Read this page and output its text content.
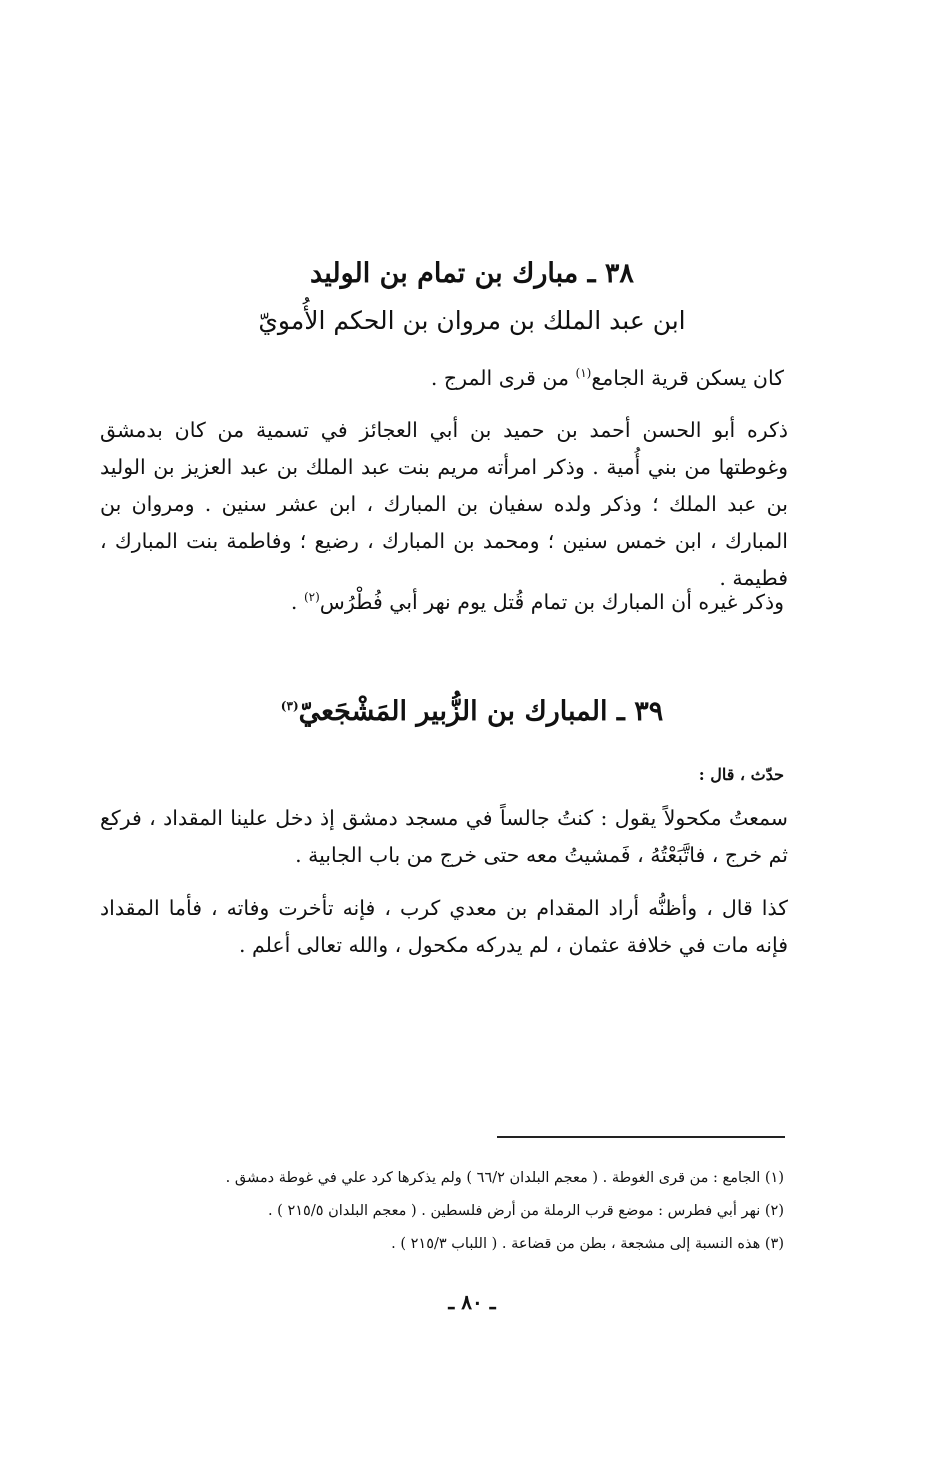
٣٨ ـ مبارك بن تمام بن الوليد
ابن عبد الملك بن مروان بن الحكم الأُمويّ
كان يسكن قرية الجامع$^{(١)}$ من قرى المرج .
ذكره أبو الحسن أحمد بن حميد بن أبي العجائز في تسمية من كان بدمشق وغوطتها من بني أُمية . وذكر امرأته مريم بنت عبد الملك بن عبد العزيز بن الوليد بن عبد الملك ؛ وذكر ولده سفيان بن المبارك ، ابن عشر سنين . ومروان بن المبارك ، ابن خمس سنين ؛ ومحمد بن المبارك ، رضيع ؛ وفاطمة بنت المبارك ، فطيمة .
وذكر غيره أن المبارك بن تمام قُتل يوم نهر أبي فُطْرُس$^{(٢)}$ .
٣٩ ـ المبارك بن الزُّبير المَشْجَعيّ$^{(٣)}$
حدّث ، قال :
سمعتُ مكحولاً يقول : كنتُ جالساً في مسجد دمشق إذ دخل علينا المقداد ، فركع ثم خرج ، فاتَّبَعْتُهُ ، فَمشيتُ معه حتى خرج من باب الجابية .
كذا قال ، وأظنُّه أراد المقدام بن معدي كرب ، فإنه تأخرت وفاته ، فأما المقداد فإنه مات في خلافة عثمان ، لم يدركه مكحول ، والله تعالى أعلم .
(١) الجامع : من قرى الغوطة . ( معجم البلدان ٦٦/٢ ) ولم يذكرها كرد علي في غوطة دمشق .
(٢) نهر أبي فطرس : موضع قرب الرملة من أرض فلسطين . ( معجم البلدان ٢١٥/٥ ) .
(٣) هذه النسبة إلى مشجعة ، بطن من قضاعة . ( اللباب ٢١٥/٣ ) .
ـ ٨٠ ـ
